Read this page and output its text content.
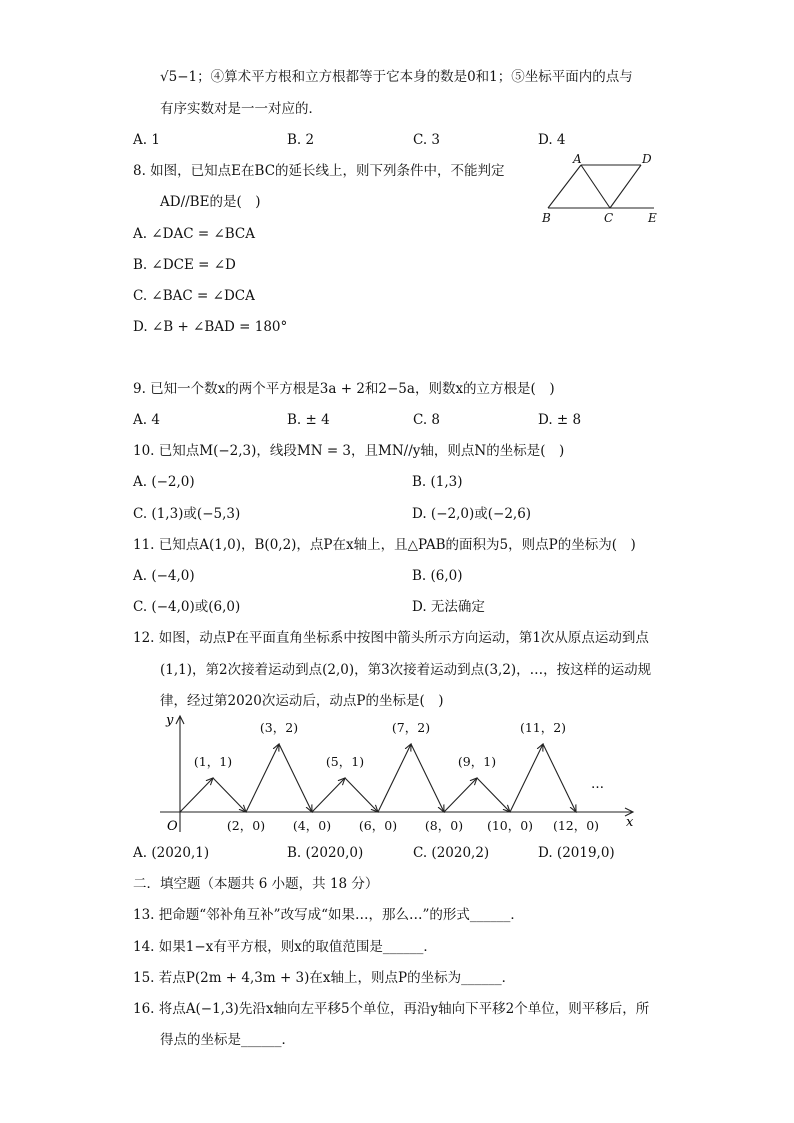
√5−1；④算术平方根和立方根都等于它本身的数是0和1；⑤坐标平面内的点与
有序实数对是一一对应的．
A. 1	B. 2	C. 3	D. 4
8. 如图，已知点E在BC的延长线上，则下列条件中，不能判定
AD//BE的是(　)
A. ∠DAC = ∠BCA
B. ∠DCE = ∠D
C. ∠BAC = ∠DCA
D. ∠B + ∠BAD = 180°
A	D
B	C	E
9. 已知一个数x的两个平方根是3a + 2和2−5a，则数x的立方根是(　)
A. 4	B. ± 4	C. 8	D. ± 8
10. 已知点M(−2,3)，线段MN = 3，且MN//y轴，则点N的坐标是(　)
A. (−2,0)	B. (1,3)
C. (1,3)或(−5,3)	D. (−2,0)或(−2,6)
11. 已知点A(1,0)，B(0,2)，点P在x轴上，且△PAB的面积为5，则点P的坐标为(　)
A. (−4,0)	B. (6,0)
C. (−4,0)或(6,0)	D. 无法确定
12. 如图，动点P在平面直角坐标系中按图中箭头所示方向运动，第1次从原点运动到点
(1,1)，第2次接着运动到点(2,0)，第3次接着运动到点(3,2)，…，按这样的运动规
律，经过第2020次运动后，动点P的坐标是(　)
(1，1)
(2，0)
(3，2)
(4，0)
(5，1)
(6，0)
(7，2)
(8，0)
(9，1)
(10，0)
(11，2)
(12，0)
O
y
x
…
A. (2020,1)	B. (2020,0)	C. (2020,2)	D. (2019,0)
二．填空题（本题共 6 小题，共 18 分）
13. 把命题“邻补角互补”改写成“如果…，那么…”的形式______．
14. 如果1−x有平方根，则x的取值范围是______．
15. 若点P(2m + 4,3m + 3)在x轴上，则点P的坐标为______．
16. 将点A(−1,3)先沿x轴向左平移5个单位，再沿y轴向下平移2个单位，则平移后，所
得点的坐标是______．
